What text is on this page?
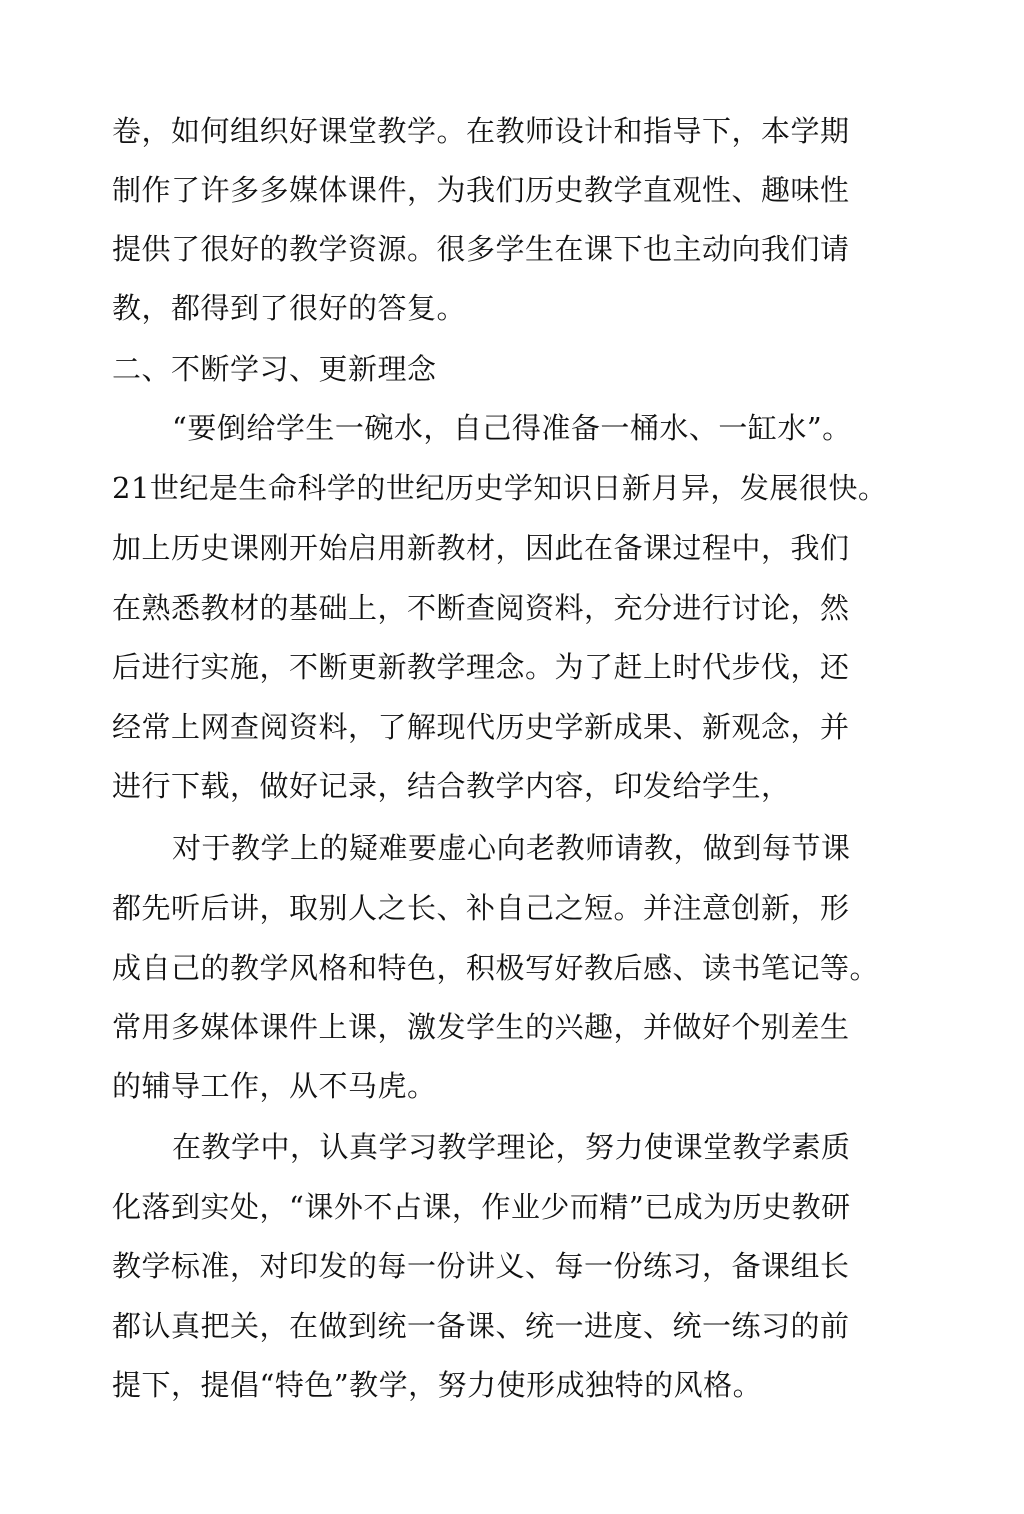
卷，如何组织好课堂教学。在教师设计和指导下，本学期
制作了许多多媒体课件，为我们历史教学直观性、趣味性
提供了很好的教学资源。很多学生在课下也主动向我们请
教，都得到了很好的答复。
二、不断学习、更新理念
“要倒给学生一碗水，自己得准备一桶水、一缸水”。
21世纪是生命科学的世纪历史学知识日新月异，发展很快。
加上历史课刚开始启用新教材，因此在备课过程中，我们
在熟悉教材的基础上，不断查阅资料，充分进行讨论，然
后进行实施，不断更新教学理念。为了赶上时代步伐，还
经常上网查阅资料，了解现代历史学新成果、新观念，并
进行下载，做好记录，结合教学内容，印发给学生，
对于教学上的疑难要虚心向老教师请教，做到每节课
都先听后讲，取别人之长、补自己之短。并注意创新，形
成自己的教学风格和特色，积极写好教后感、读书笔记等。
常用多媒体课件上课，激发学生的兴趣，并做好个别差生
的辅导工作，从不马虎。
在教学中，认真学习教学理论，努力使课堂教学素质
化落到实处，“课外不占课，作业少而精”已成为历史教研
教学标准，对印发的每一份讲义、每一份练习，备课组长
都认真把关，在做到统一备课、统一进度、统一练习的前
提下，提倡“特色”教学，努力使形成独特的风格。
